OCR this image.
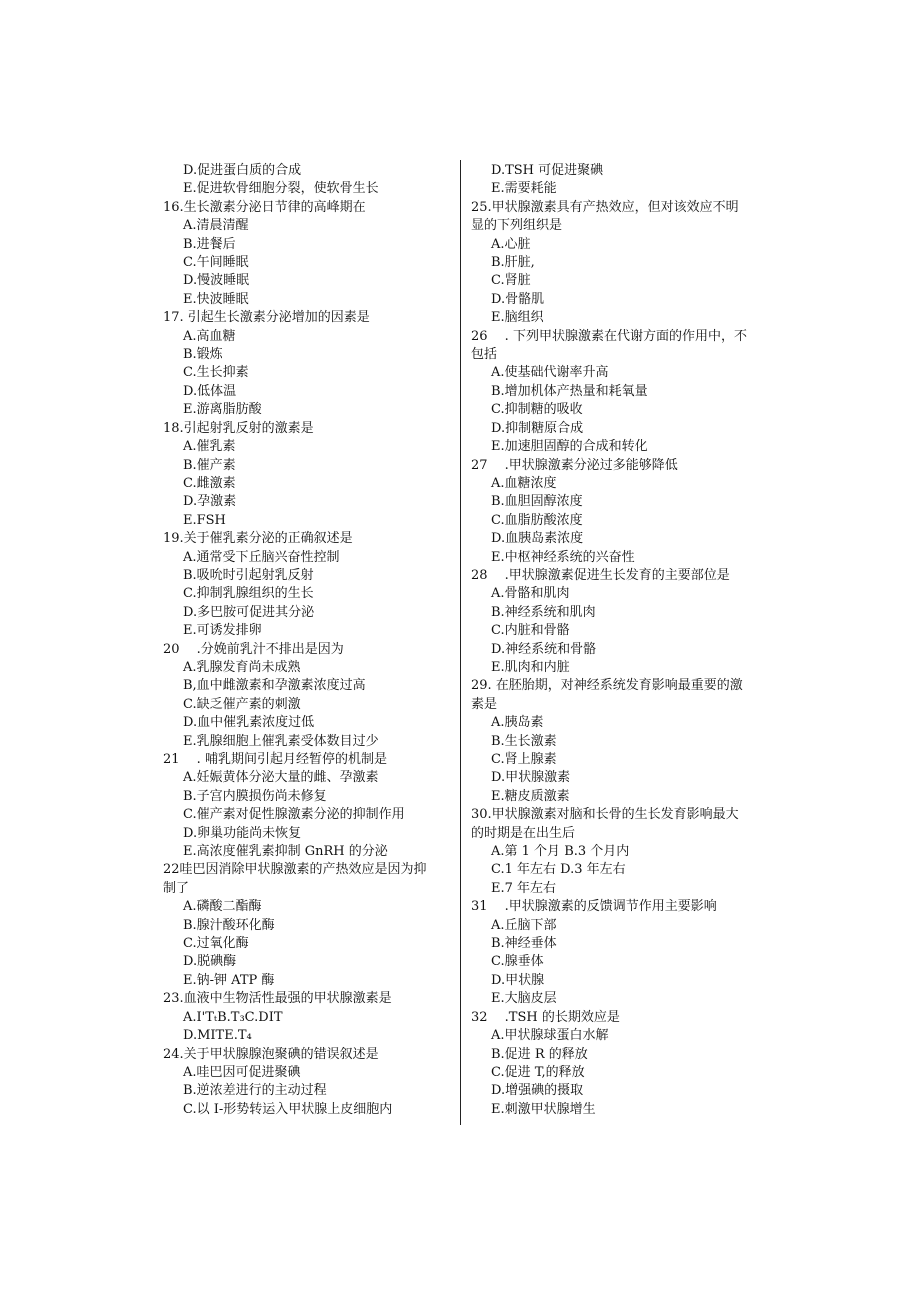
D.促进蛋白质的合成
E.促进软骨细胞分裂，使软骨生长
16.生长激素分泌日节律的高峰期在
A.清晨清醒
B.进餐后
C.午间睡眠
D.慢波睡眠
E.快波睡眠
17. 引起生长激素分泌增加的因素是
A.高血糖
B.锻炼
C.生长抑素
D.低体温
E.游离脂肪酸
18.引起射乳反射的激素是
A.催乳素
B.催产素
C.雌激素
D.孕激素
E.FSH
19.关于催乳素分泌的正确叙述是
A.通常受下丘脑兴奋性控制
B.吸吮时引起射乳反射
C.抑制乳腺组织的生长
D.多巴胺可促进其分泌
E.可诱发排卵
20　 .分娩前乳汁不排出是因为
A.乳腺发育尚未成熟
B,血中雌激素和孕激素浓度过高
C.缺乏催产素的刺激
D.血中催乳素浓度过低
E.乳腺细胞上催乳素受体数目过少
21　 . 哺乳期间引起月经暂停的机制是
A.妊娠黄体分泌大量的雌、孕激素
B.子宫内膜损伤尚未修复
C.催产素对促性腺激素分泌的抑制作用
D.卵巢功能尚未恢复
E.高浓度催乳素抑制 GnRH 的分泌
22哇巴因消除甲状腺激素的产热效应是因为抑
制了
A.磷酸二酯酶
B.腺汁酸环化酶
C.过氧化酶
D.脱碘酶
E.钠-钾 ATP 酶
23.血液中生物活性最强的甲状腺激素是
A.I'TₜB.T₃C.DIT
D.MITE.T₄
24.关于甲状腺腺泡聚碘的错误叙述是
A.哇巴因可促进聚碘
B.逆浓差进行的主动过程
C.以 I-形势转运入甲状腺上皮细胞内
D.TSH 可促进聚碘
E.需要耗能
25.甲状腺激素具有产热效应，但对该效应不明
显的下列组织是
A.心脏
B.肝脏,
C.肾脏
D.骨骼肌
E.脑组织
26　 . 下列甲状腺激素在代谢方面的作用中，不
包括
A.使基础代谢率升高
B.增加机体产热量和耗氧量
C.抑制糖的吸收
D.抑制糖原合成
E.加速胆固醇的合成和转化
27　 .甲状腺激素分泌过多能够降低
A.血糖浓度
B.血胆固醇浓度
C.血脂肪酸浓度
D.血胰岛素浓度
E.中枢神经系统的兴奋性
28　 .甲状腺激素促进生长发育的主要部位是
A.骨骼和肌肉
B.神经系统和肌肉
C.内脏和骨骼
D.神经系统和骨骼
E.肌肉和内脏
29. 在胚胎期，对神经系统发育影响最重要的激
素是
A.胰岛素
B.生长激素
C.肾上腺素
D.甲状腺激素
E.糖皮质激素
30.甲状腺激素对脑和长骨的生长发育影响最大
的时期是在出生后
A.第 1 个月 B.3 个月内
C.1 年左右 D.3 年左右
E.7 年左右
31　 .甲状腺激素的反馈调节作用主要影响
A.丘脑下部
B.神经垂体
C.腺垂体
D.甲状腺
E.大脑皮层
32　 .TSH 的长期效应是
A.甲状腺球蛋白水解
B.促进 R 的释放
C.促进 T,的释放
D.增强碘的摄取
E.刺激甲状腺增生
